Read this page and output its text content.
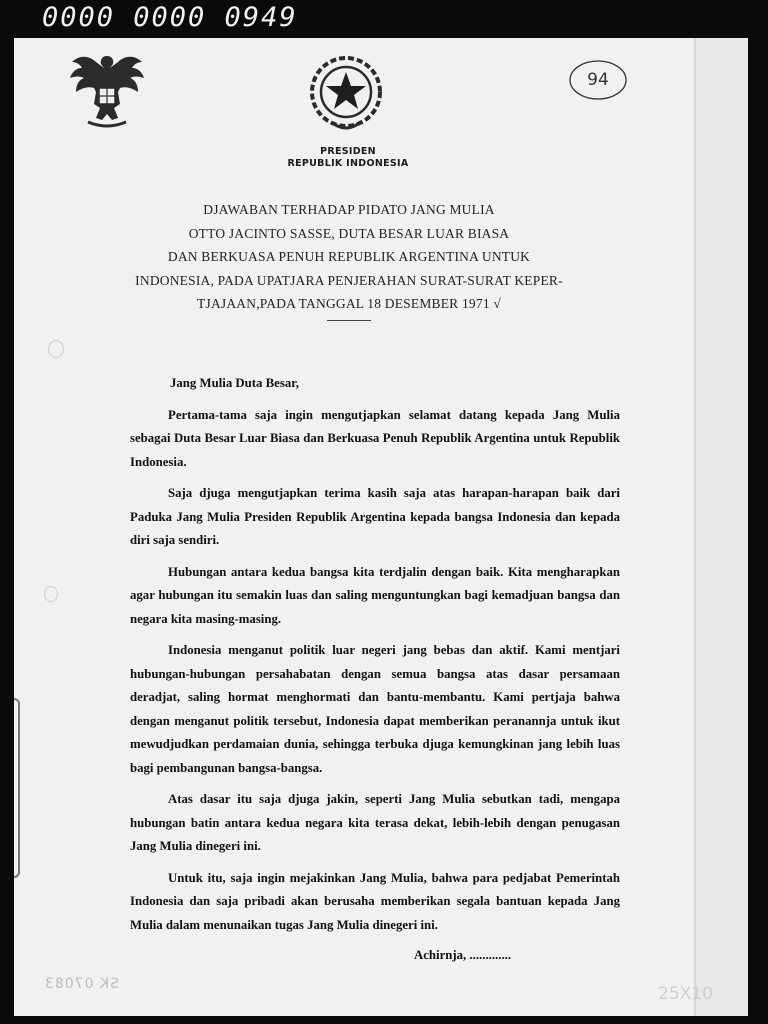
0000 0000 0949
94
PRESIDEN
REPUBLIK INDONESIA
DJAWABAN TERHADAP PIDATO JANG MULIA
OTTO JACINTO SASSE, DUTA BESAR LUAR BIASA
DAN BERKUASA PENUH REPUBLIK ARGENTINA UNTUK
INDONESIA, PADA UPATJARA PENJERAHAN SURAT-SURAT KEPER-
TJAJAAN,PADA TANGGAL 18 DESEMBER 1971 √
Jang Mulia Duta Besar,
Pertama-tama saja ingin mengutjapkan selamat datang kepada Jang Mulia sebagai Duta Besar Luar Biasa dan Berkuasa Penuh Republik Argentina untuk Republik Indonesia.
Saja djuga mengutjapkan terima kasih saja atas harapan-harapan baik dari Paduka Jang Mulia Presiden Republik Argentina kepada bangsa Indonesia dan kepada diri saja sendiri.
Hubungan antara kedua bangsa kita terdjalin dengan baik. Kita mengharapkan agar hubungan itu semakin luas dan saling menguntungkan bagi kemadjuan bangsa dan negara kita masing-masing.
Indonesia menganut politik luar negeri jang bebas dan aktif. Kami mentjari hubungan-hubungan persahabatan dengan semua bangsa atas dasar persamaan deradjat, saling hormat menghormati dan bantu-membantu. Kami pertjaja bahwa dengan menganut politik tersebut, Indonesia dapat memberikan peranannja untuk ikut mewudjudkan perdamaian dunia, sehingga terbuka djuga kemungkinan jang lebih luas bagi pembangunan bangsa-bangsa.
Atas dasar itu saja djuga jakin, seperti Jang Mulia sebutkan tadi, mengapa hubungan batin antara kedua negara kita terasa dekat, lebih-lebih dengan penugasan Jang Mulia dinegeri ini.
Untuk itu, saja ingin mejakinkan Jang Mulia, bahwa para pedjabat Pemerintah Indonesia dan saja pribadi akan berusaha memberikan segala bantuan kepada Jang Mulia dalam menunaikan tugas Jang Mulia dinegeri ini.
Achirnja, .............
SK 07083	25X10
